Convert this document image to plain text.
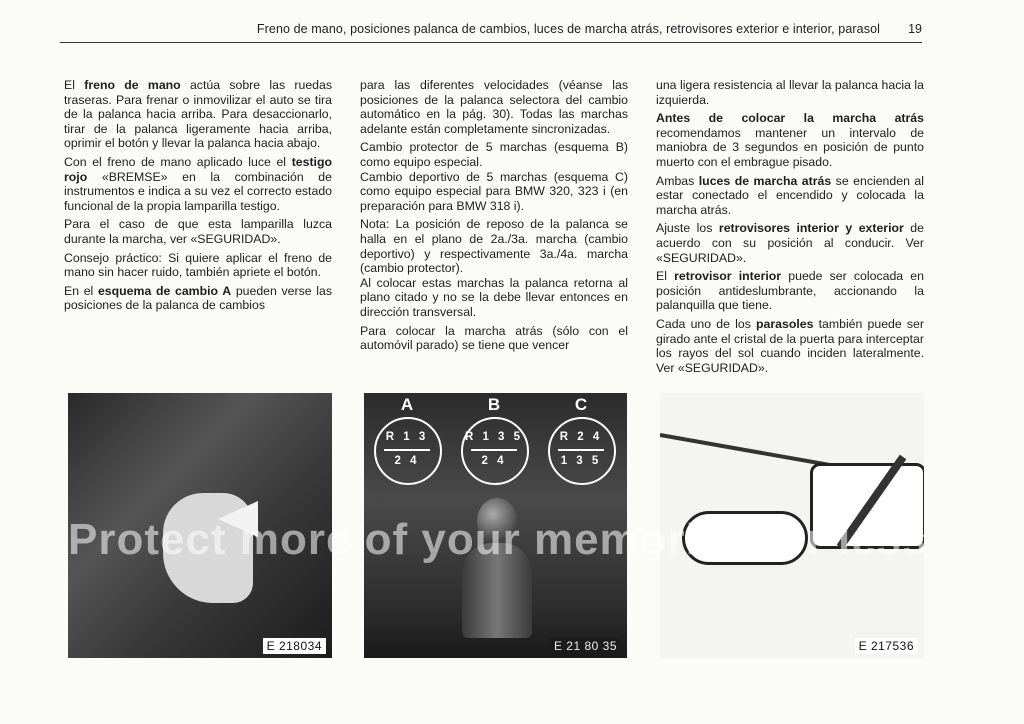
Freno de mano, posiciones palanca de cambios, luces de marcha atrás, retrovisores exterior e interior, parasol 19

El freno de mano actúa sobre las ruedas traseras. Para frenar o inmovilizar el auto se tira de la palanca hacia arriba. Para desaccionarlo, tirar de la palanca ligeramente hacia arriba, oprimir el botón y llevar la palanca hacia abajo.

Con el freno de mano aplicado luce el testigo rojo «BREMSE» en la combinación de instrumentos e indica a su vez el correcto estado funcional de la propia lamparilla testigo.

Para el caso de que esta lamparilla luzca durante la marcha, ver «SEGURIDAD».

Consejo práctico: Si quiere aplicar el freno de mano sin hacer ruido, también apriete el botón.

En el esquema de cambio A pueden verse las posiciones de la palanca de cambios

para las diferentes velocidades (véanse las posiciones de la palanca selectora del cambio automático en la pág. 30). Todas las marchas adelante están completamente sincronizadas.

Cambio protector de 5 marchas (esquema B) como equipo especial.

Cambio deportivo de 5 marchas (esquema C) como equipo especial para BMW 320, 323 i (en preparación para BMW 318 i).

Nota: La posición de reposo de la palanca se halla en el plano de 2a./3a. marcha (cambio deportivo) y respectivamente 3a./4a. marcha (cambio protector).

Al colocar estas marchas la palanca retorna al plano citado y no se la debe llevar entonces en dirección transversal.

Para colocar la marcha atrás (sólo con el automóvil parado) se tiene que vencer

una ligera resistencia al llevar la palanca hacia la izquierda.

Antes de colocar la marcha atrás recomendamos mantener un intervalo de maniobra de 3 segundos en posición de punto muerto con el embrague pisado.

Ambas luces de marcha atrás se encienden al estar conectado el encendido y colocada la marcha atrás.

Ajuste los retrovisores interior y exterior de acuerdo con su posición al conducir. Ver «SEGURIDAD».

El retrovisor interior puede ser colocada en posición antideslumbrante, accionando la palanquilla que tiene.

Cada uno de los parasoles también puede ser girado ante el cristal de la puerta para interceptar los rayos del sol cuando inciden lateralmente. Ver «SEGURIDAD».

E 218034
A
R 1 3
2 4
B
R 1 3 5
2 4
C
R 2 4
1 3 5
E 21 80 35	E 217536
Protect more of your memories for less
